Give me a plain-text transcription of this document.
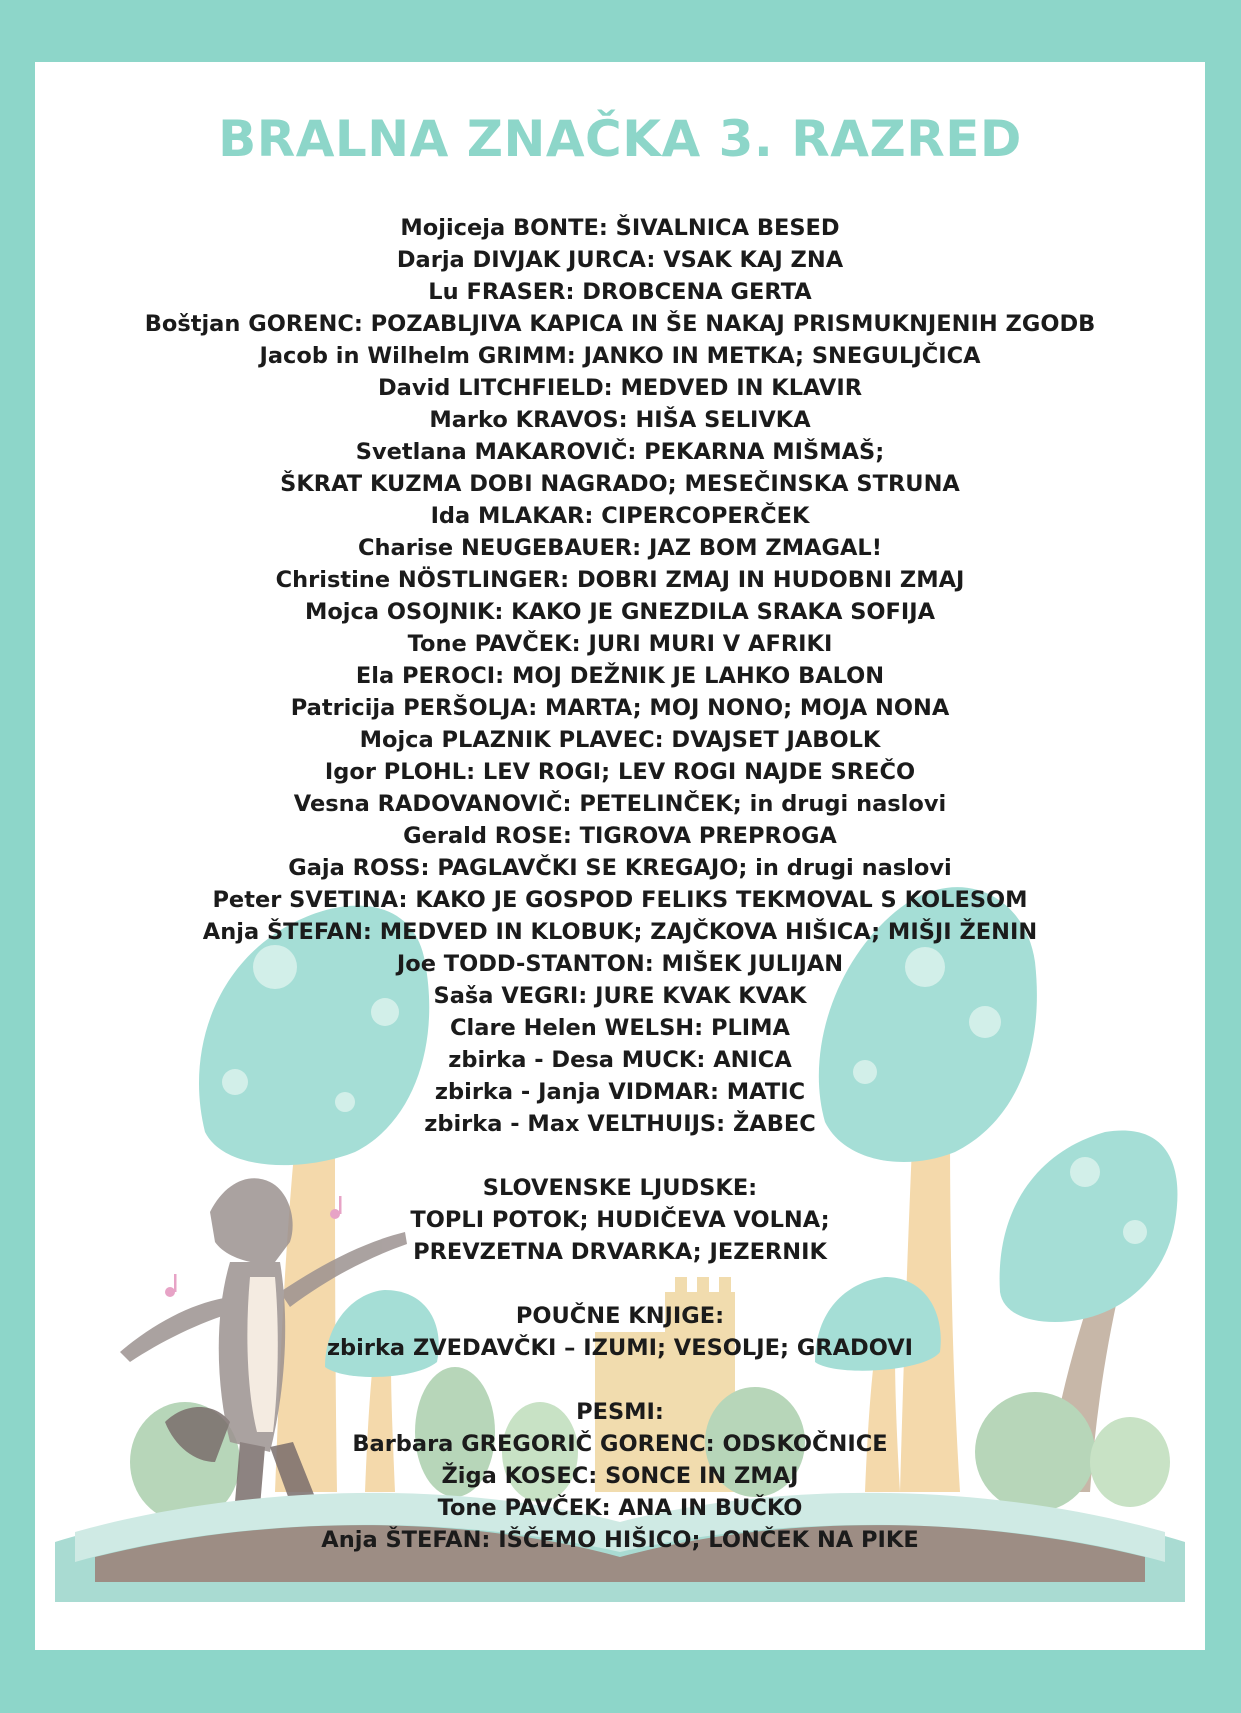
BRALNA ZNAČKA 3. RAZRED
Mojiceja BONTE: ŠIVALNICA BESED
Darja DIVJAK JURCA: VSAK KAJ ZNA
Lu FRASER: DROBCENA GERTA
Boštjan GORENC: POZABLJIVA KAPICA IN ŠE NAKAJ PRISMUKNJENIH ZGODB
Jacob in Wilhelm GRIMM: JANKO IN METKA; SNEGULJČICA
David LITCHFIELD: MEDVED IN KLAVIR
Marko KRAVOS: HIŠA SELIVKA
Svetlana MAKAROVIČ: PEKARNA MIŠMAŠ;
ŠKRAT KUZMA DOBI NAGRADO; MESEČINSKA STRUNA
Ida MLAKAR: CIPERCOPERČEK
Charise NEUGEBAUER: JAZ BOM ZMAGAL!
Christine NÖSTLINGER: DOBRI ZMAJ IN HUDOBNI ZMAJ
Mojca OSOJNIK: KAKO JE GNEZDILA SRAKA SOFIJA
Tone PAVČEK: JURI MURI V AFRIKI
Ela PEROCI: MOJ DEŽNIK JE LAHKO BALON
Patricija PERŠOLJA: MARTA; MOJ NONO; MOJA NONA
Mojca PLAZNIK PLAVEC: DVAJSET JABOLK
Igor PLOHL: LEV ROGI; LEV ROGI NAJDE SREČO
Vesna RADOVANOVIČ: PETELINČEK; in drugi naslovi
Gerald ROSE: TIGROVA PREPROGA
Gaja ROSS: PAGLAVČKI SE KREGAJO; in drugi naslovi
Peter SVETINA: KAKO JE GOSPOD FELIKS TEKMOVAL S KOLESOM
Anja ŠTEFAN: MEDVED IN KLOBUK; ZAJČKOVA HIŠICA; MIŠJI ŽENIN
Joe TODD-STANTON: MIŠEK JULIJAN
Saša VEGRI: JURE KVAK KVAK
Clare Helen WELSH: PLIMA
zbirka - Desa MUCK: ANICA
zbirka - Janja VIDMAR: MATIC
zbirka - Max VELTHUIJS: ŽABEC
SLOVENSKE LJUDSKE:
TOPLI POTOK; HUDIČEVA VOLNA;
PREVZETNA DRVARKA; JEZERNIK
POUČNE KNJIGE:
zbirka ZVEDAVČKI – IZUMI; VESOLJE; GRADOVI
PESMI:
Barbara GREGORIČ GORENC: ODSKOČNICE
Žiga KOSEC: SONCE IN ZMAJ
Tone PAVČEK: ANA IN BUČKO
Anja ŠTEFAN: IŠČEMO HIŠICO; LONČEK NA PIKE
